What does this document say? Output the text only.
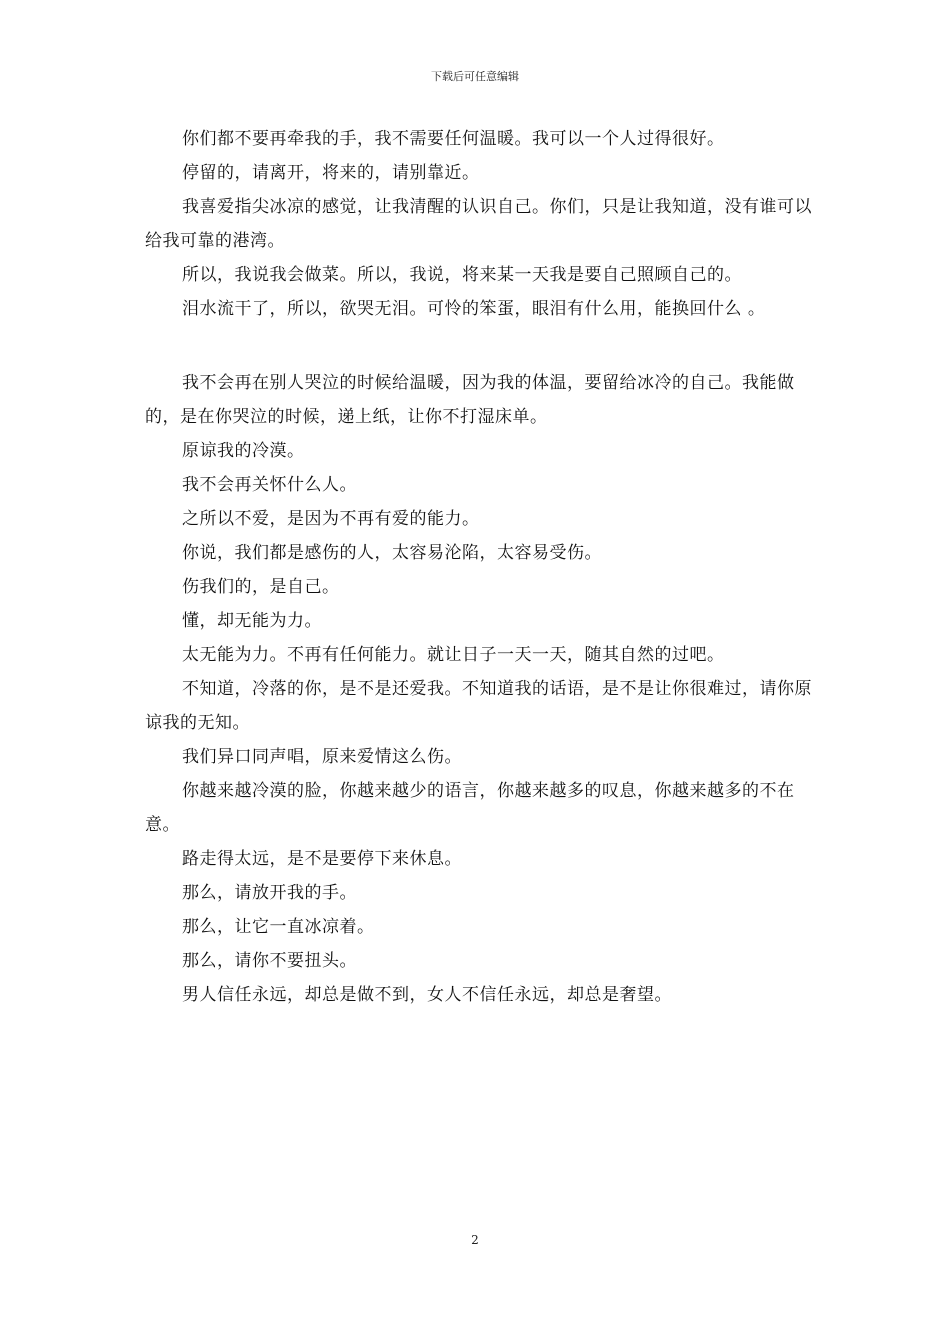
下载后可任意编辑

你们都不要再牵我的手，我不需要任何温暖。我可以一个人过得很好。

停留的，请离开，将来的，请别靠近。

我喜爱指尖冰凉的感觉，让我清醒的认识自己。你们，只是让我知道，没有谁可以给我可靠的港湾。

所以，我说我会做菜。所以，我说，将来某一天我是要自己照顾自己的。

泪水流干了，所以，欲哭无泪。可怜的笨蛋，眼泪有什么用，能换回什么 。

我不会再在别人哭泣的时候给温暖，因为我的体温，要留给冰冷的自己。我能做的，是在你哭泣的时候，递上纸，让你不打湿床单。

原谅我的冷漠。

我不会再关怀什么人。

之所以不爱，是因为不再有爱的能力。

你说，我们都是感伤的人，太容易沦陷，太容易受伤。

伤我们的，是自己。

懂，却无能为力。

太无能为力。不再有任何能力。就让日子一天一天，随其自然的过吧。

不知道，冷落的你，是不是还爱我。不知道我的话语，是不是让你很难过，请你原谅我的无知。

我们异口同声唱，原来爱情这么伤。

你越来越冷漠的脸，你越来越少的语言，你越来越多的叹息，你越来越多的不在意。

路走得太远，是不是要停下来休息。

那么，请放开我的手。

那么，让它一直冰凉着。

那么，请你不要扭头。

男人信任永远，却总是做不到，女人不信任永远，却总是奢望。

2
